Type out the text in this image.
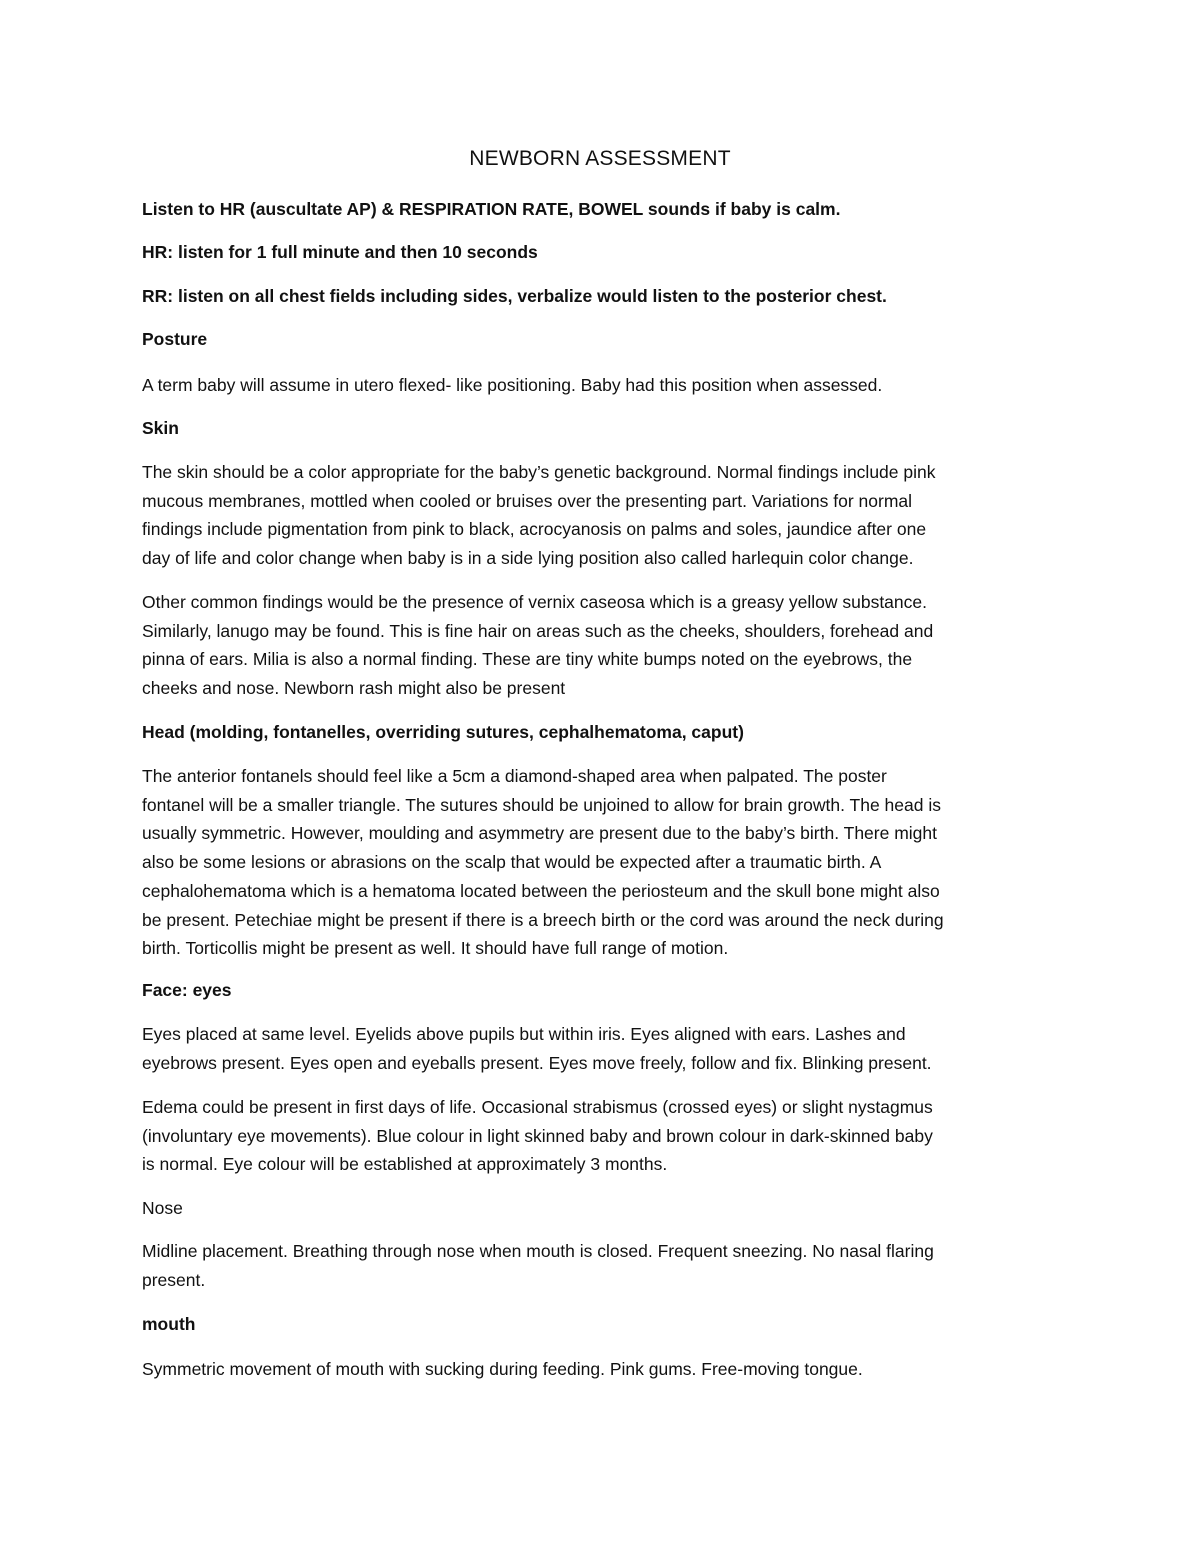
NEWBORN ASSESSMENT

Listen to HR (auscultate AP) & RESPIRATION RATE, BOWEL sounds if baby is calm.

HR: listen for 1 full minute and then 10 seconds

RR: listen on all chest fields including sides, verbalize would listen to the posterior chest.

Posture

A term baby will assume in utero flexed- like positioning. Baby had this position when assessed.

Skin
The skin should be a color appropriate for the baby’s genetic background. Normal findings include pink
mucous membranes, mottled when cooled or bruises over the presenting part. Variations for normal
findings include pigmentation from pink to black, acrocyanosis on palms and soles, jaundice after one
day of life and color change when baby is in a side lying position also called harlequin color change.
Other common findings would be the presence of vernix caseosa which is a greasy yellow substance.
Similarly, lanugo may be found. This is fine hair on areas such as the cheeks, shoulders, forehead and
pinna of ears. Milia is also a normal finding. These are tiny white bumps noted on the eyebrows, the
cheeks and nose. Newborn rash might also be present
Head (molding, fontanelles, overriding sutures, cephalhematoma, caput)
The anterior fontanels should feel like a 5cm a diamond-shaped area when palpated. The poster
fontanel will be a smaller triangle. The sutures should be unjoined to allow for brain growth. The head is
usually symmetric. However, moulding and asymmetry are present due to the baby’s birth. There might
also be some lesions or abrasions on the scalp that would be expected after a traumatic birth. A
cephalohematoma which is a hematoma located between the periosteum and the skull bone might also
be present. Petechiae might be present if there is a breech birth or the cord was around the neck during
birth. Torticollis might be present as well. It should have full range of motion.
Face: eyes
Eyes placed at same level. Eyelids above pupils but within iris. Eyes aligned with ears. Lashes and
eyebrows present. Eyes open and eyeballs present. Eyes move freely, follow and fix. Blinking present.
Edema could be present in first days of life. Occasional strabismus (crossed eyes) or slight nystagmus
(involuntary eye movements). Blue colour in light skinned baby and brown colour in dark-skinned baby
is normal. Eye colour will be established at approximately 3 months.
Nose
Midline placement. Breathing through nose when mouth is closed. Frequent sneezing. No nasal flaring
present.
mouth

Symmetric movement of mouth with sucking during feeding. Pink gums. Free-moving tongue.
